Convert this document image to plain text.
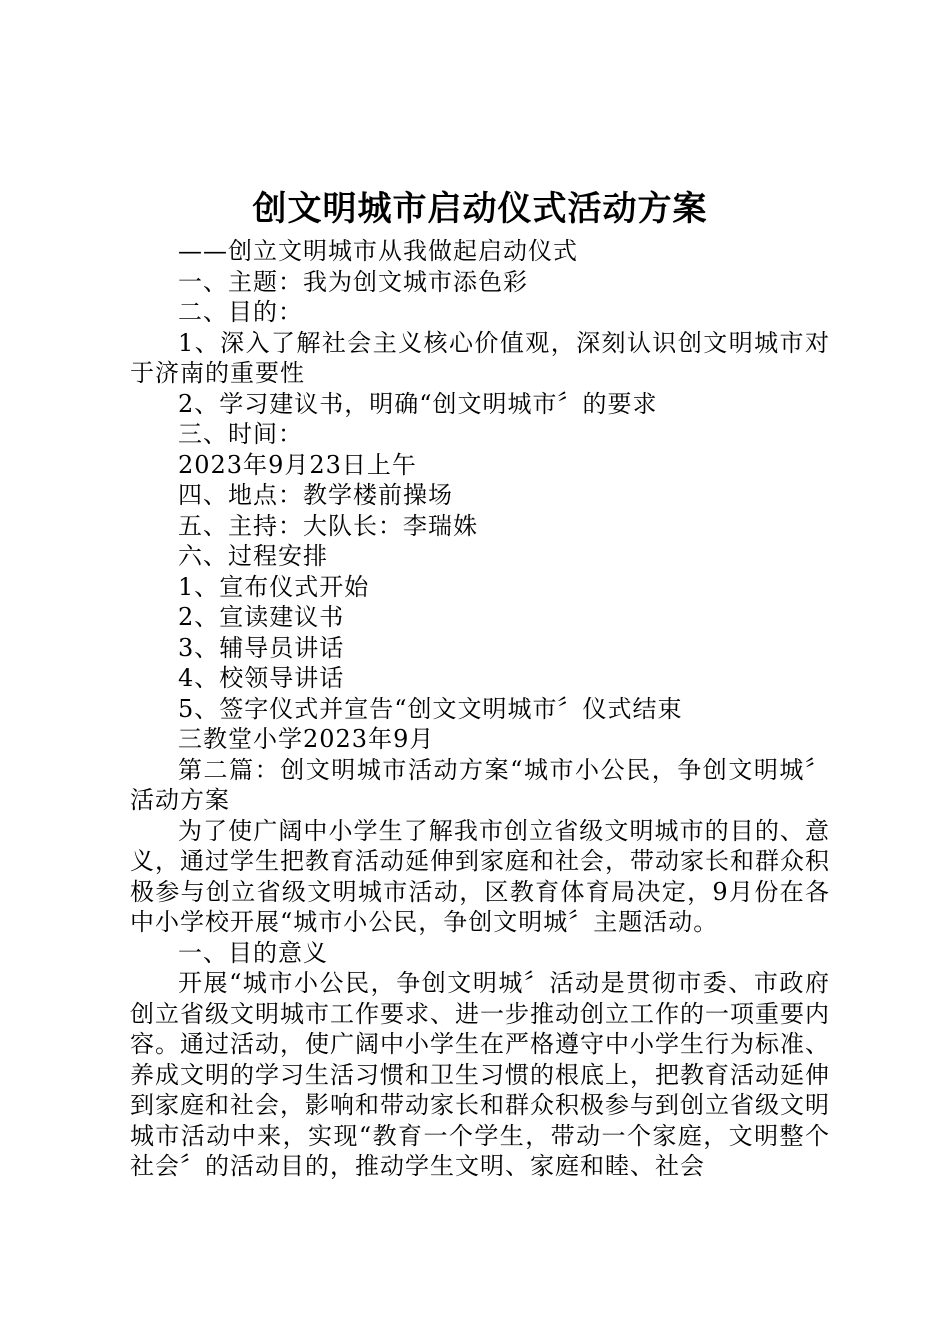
创文明城市启动仪式活动方案

——创立文明城市从我做起启动仪式

一、主题：我为创文城市添色彩

二、目的：

1、深入了解社会主义核心价值观，深刻认识创文明城市对于济南的重要性

2、学习建议书，明确“创文明城市〞的要求

三、时间：

2023年9月23日上午

四、地点：教学楼前操场

五、主持：大队长：李瑞姝

六、过程安排

1、宣布仪式开始

2、宣读建议书

3、辅导员讲话

4、校领导讲话

5、签字仪式并宣告“创文文明城市〞仪式结束

三教堂小学2023年9月

第二篇：创文明城市活动方案“城市小公民，争创文明城〞活动方案

为了使广阔中小学生了解我市创立省级文明城市的目的、意义，通过学生把教育活动延伸到家庭和社会，带动家长和群众积极参与创立省级文明城市活动，区教育体育局决定，9月份在各中小学校开展“城市小公民，争创文明城〞主题活动。

一、目的意义

开展“城市小公民，争创文明城〞活动是贯彻市委、市政府创立省级文明城市工作要求、进一步推动创立工作的一项重要内容。通过活动，使广阔中小学生在严格遵守中小学生行为标准、养成文明的学习生活习惯和卫生习惯的根底上，把教育活动延伸到家庭和社会，影响和带动家长和群众积极参与到创立省级文明城市活动中来，实现“教育一个学生，带动一个家庭，文明整个社会〞的活动目的，推动学生文明、家庭和睦、社会
